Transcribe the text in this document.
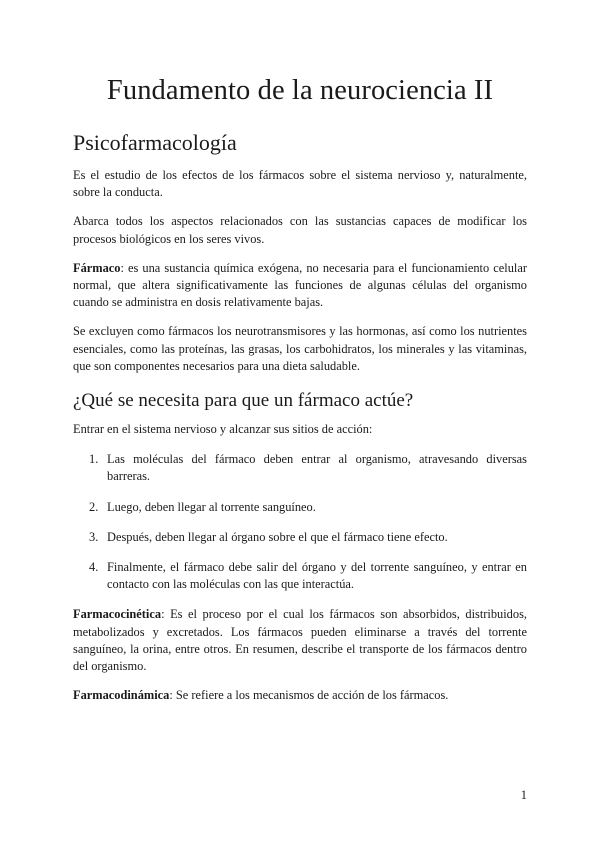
Fundamento de la neurociencia II
Psicofarmacología

Es el estudio de los efectos de los fármacos sobre el sistema nervioso y, naturalmente, sobre la conducta.

Abarca todos los aspectos relacionados con las sustancias capaces de modificar los procesos biológicos en los seres vivos.

Fármaco: es una sustancia química exógena, no necesaria para el funcionamiento celular normal, que altera significativamente las funciones de algunas células del organismo cuando se administra en dosis relativamente bajas.

Se excluyen como fármacos los neurotransmisores y las hormonas, así como los nutrientes esenciales, como las proteínas, las grasas, los carbohidratos, los minerales y las vitaminas, que son componentes necesarios para una dieta saludable.

¿Qué se necesita para que un fármaco actúe?

Entrar en el sistema nervioso y alcanzar sus sitios de acción:

1. Las moléculas del fármaco deben entrar al organismo, atravesando diversas barreras.
2. Luego, deben llegar al torrente sanguíneo.
3. Después, deben llegar al órgano sobre el que el fármaco tiene efecto.
4. Finalmente, el fármaco debe salir del órgano y del torrente sanguíneo, y entrar en contacto con las moléculas con las que interactúa.

Farmacocinética: Es el proceso por el cual los fármacos son absorbidos, distribuidos, metabolizados y excretados. Los fármacos pueden eliminarse a través del torrente sanguíneo, la orina, entre otros. En resumen, describe el transporte de los fármacos dentro del organismo.

Farmacodinámica: Se refiere a los mecanismos de acción de los fármacos.

1
